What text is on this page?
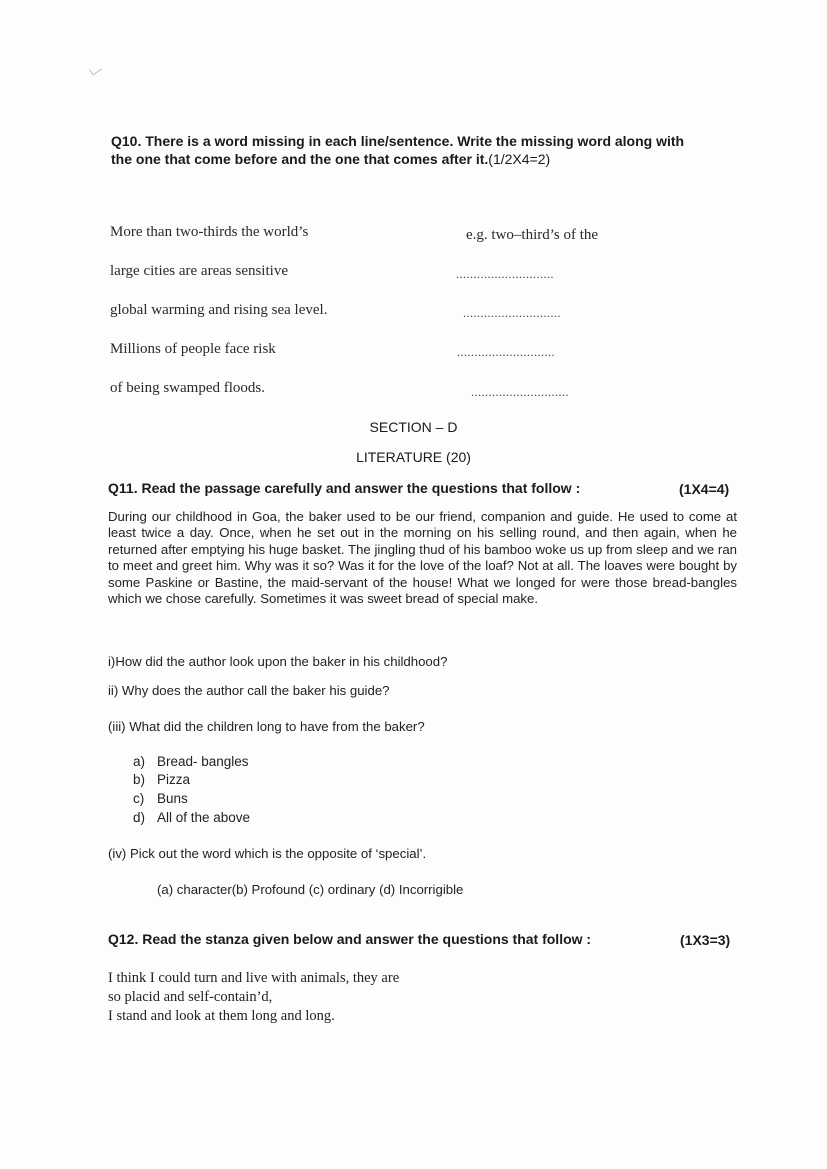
Q10. There is a word missing in each line/sentence. Write the missing word along with
the one that come before and the one that comes after it.(1/2X4=2)
More than two-thirds the world’s	e.g. two–third’s of the
large cities are areas sensitive	............................
global warming and rising sea level.	............................
Millions of people face risk	............................
of being swamped floods.	............................
SECTION – D
LITERATURE (20)
Q11. Read the passage carefully and answer the questions that follow :	(1X4=4)
During our childhood in Goa, the baker used to be our friend, companion and guide. He used to come at least twice a day. Once, when he set out in the morning on his selling round, and then again, when he returned after emptying his huge basket. The jingling thud of his bamboo woke us up from sleep and we ran to meet and greet him. Why was it so? Was it for the love of the loaf? Not at all. The loaves were bought by some Paskine or Bastine, the maid-servant of the house! What we longed for were those bread-bangles which we chose carefully. Sometimes it was sweet bread of special make.
i)How did the author look upon the baker in his childhood?
ii) Why does the author call the baker his guide?
(iii) What did the children long to have from the baker?
a) Bread- bangles
b) Pizza
c) Buns
d) All of the above
(iv) Pick out the word which is the opposite of ‘special’.
(a) character(b) Profound (c) ordinary (d) Incorrigible
Q12. Read the stanza given below and answer the questions that follow :	(1X3=3)
I think I could turn and live with animals, they are
so placid and self-contain’d,
I stand and look at them long and long.
